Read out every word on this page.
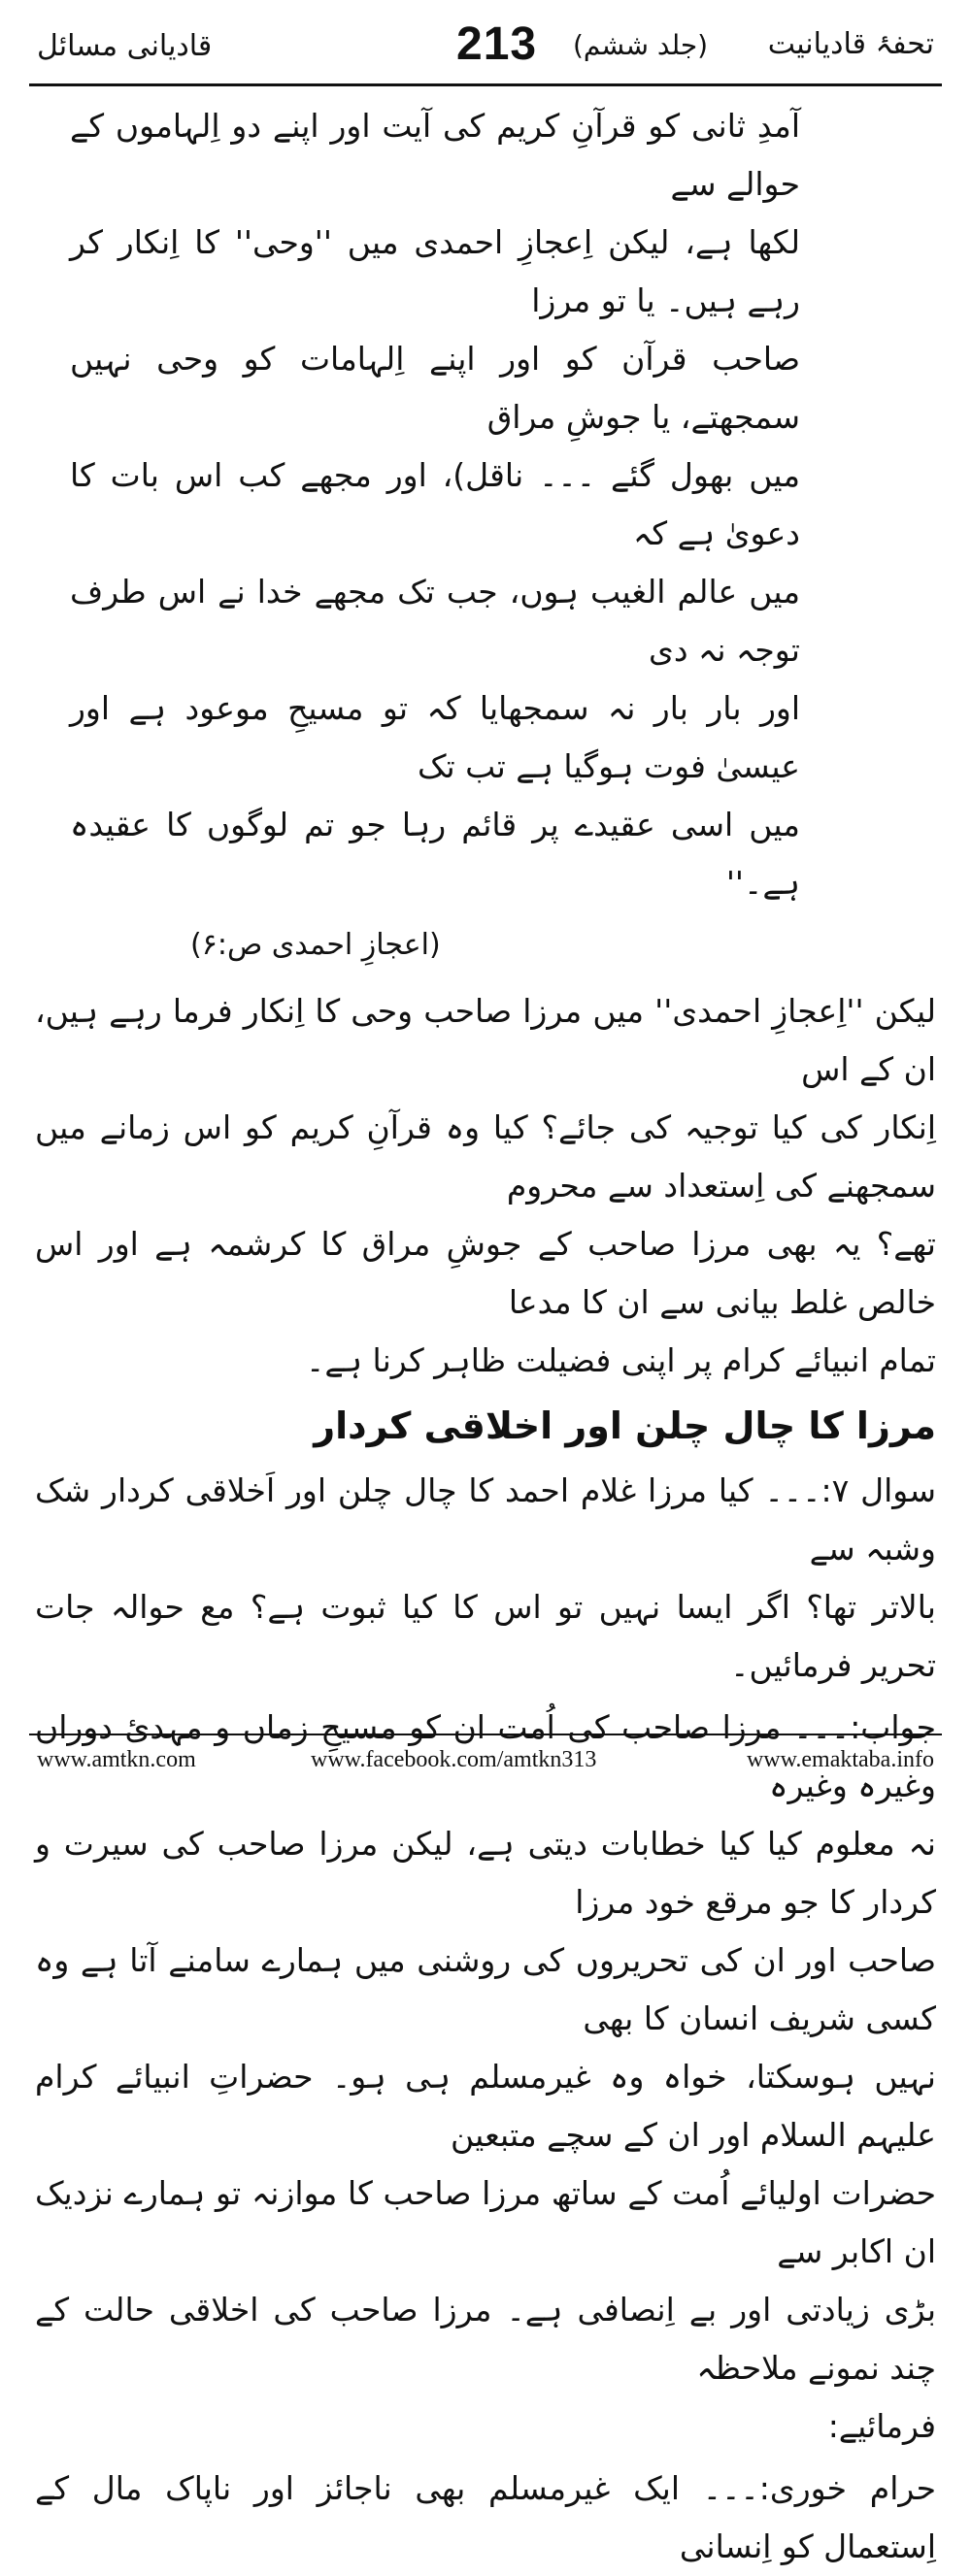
تحفۂ قادیانیت
(جلد ششم)
213
قادیانی مسائل

آمدِ ثانی کو قرآنِ کریم کی آیت اور اپنے دو اِلہاموں کے حوالے سے

لکھا ہے، لیکن اِعجازِ احمدی میں ''وحی'' کا اِنکار کر رہے ہیں۔ یا تو مرزا

صاحب قرآن کو اور اپنے اِلہامات کو وحی نہیں سمجھتے، یا جوشِ مراق

میں بھول گئے ۔۔۔ ناقل)، اور مجھے کب اس بات کا دعویٰ ہے کہ

میں عالم الغیب ہوں، جب تک مجھے خدا نے اس طرف توجہ نہ دی

اور بار بار نہ سمجھایا کہ تو مسیحِ موعود ہے اور عیسیٰ فوت ہوگیا ہے تب تک

میں اسی عقیدے پر قائم رہا جو تم لوگوں کا عقیدہ ہے۔''

(اعجازِ احمدی ص:۶)

لیکن ''اِعجازِ احمدی'' میں مرزا صاحب وحی کا اِنکار فرما رہے ہیں، ان کے اس

اِنکار کی کیا توجیہ کی جائے؟ کیا وہ قرآنِ کریم کو اس زمانے میں سمجھنے کی اِستعداد سے محروم

تھے؟ یہ بھی مرزا صاحب کے جوشِ مراق کا کرشمہ ہے اور اس خالص غلط بیانی سے ان کا مدعا

تمام انبیائے کرام پر اپنی فضیلت ظاہر کرنا ہے۔

مرزا کا چال چلن اور اخلاقی کردار

سوال ۷:۔۔۔ کیا مرزا غلام احمد کا چال چلن اور اَخلاقی کردار شک وشبہ سے

بالاتر تھا؟ اگر ایسا نہیں تو اس کا کیا ثبوت ہے؟ مع حوالہ جات تحریر فرمائیں۔

جواب:۔۔۔ مرزا صاحب کی اُمت ان کو مسیحِ زماں و مہدیٔ دوراں وغیرہ وغیرہ

نہ معلوم کیا کیا خطابات دیتی ہے، لیکن مرزا صاحب کی سیرت و کردار کا جو مرقع خود مرزا

صاحب اور ان کی تحریروں کی روشنی میں ہمارے سامنے آتا ہے وہ کسی شریف انسان کا بھی

نہیں ہوسکتا، خواہ وہ غیرمسلم ہی ہو۔ حضراتِ انبیائے کرام علیہم السلام اور ان کے سچے متبعین

حضرات اولیائے اُمت کے ساتھ مرزا صاحب کا موازنہ تو ہمارے نزدیک ان اکابر سے

بڑی زیادتی اور بے اِنصافی ہے۔ مرزا صاحب کی اخلاقی حالت کے چند نمونے ملاحظہ

فرمائیے:

حرام خوری:۔۔۔ ایک غیرمسلم بھی ناجائز اور ناپاک مال کے اِستعمال کو اِنسانی

www.amtkn.com	www.facebook.com/amtkn313	www.emaktaba.info
